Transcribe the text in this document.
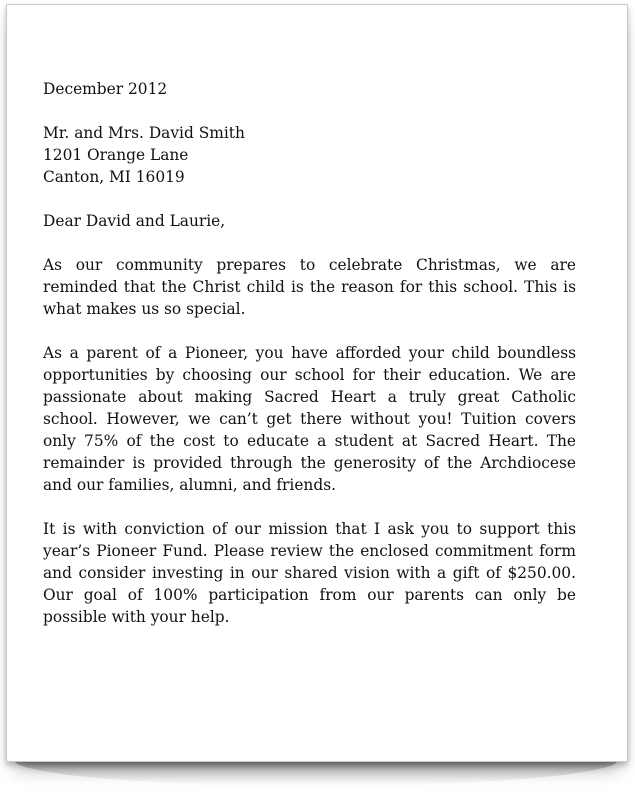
December 2012
Mr. and Mrs. David Smith
1201 Orange Lane
Canton, MI 16019
Dear David and Laurie,

As our community prepares to celebrate Christmas, we are reminded that the Christ child is the reason for this school. This is what makes us so special.

As a parent of a Pioneer, you have afforded your child boundless opportunities by choosing our school for their education. We are passionate about making Sacred Heart a truly great Catholic school. However, we can’t get there without you! Tuition covers only 75% of the cost to educate a student at Sacred Heart. The remainder is provided through the generosity of the Archdiocese and our families, alumni, and friends.

It is with conviction of our mission that I ask you to support this year’s Pioneer Fund. Please review the enclosed commitment form and consider investing in our shared vision with a gift of $250.00. Our goal of 100% participation from our parents can only be possible with your help.
